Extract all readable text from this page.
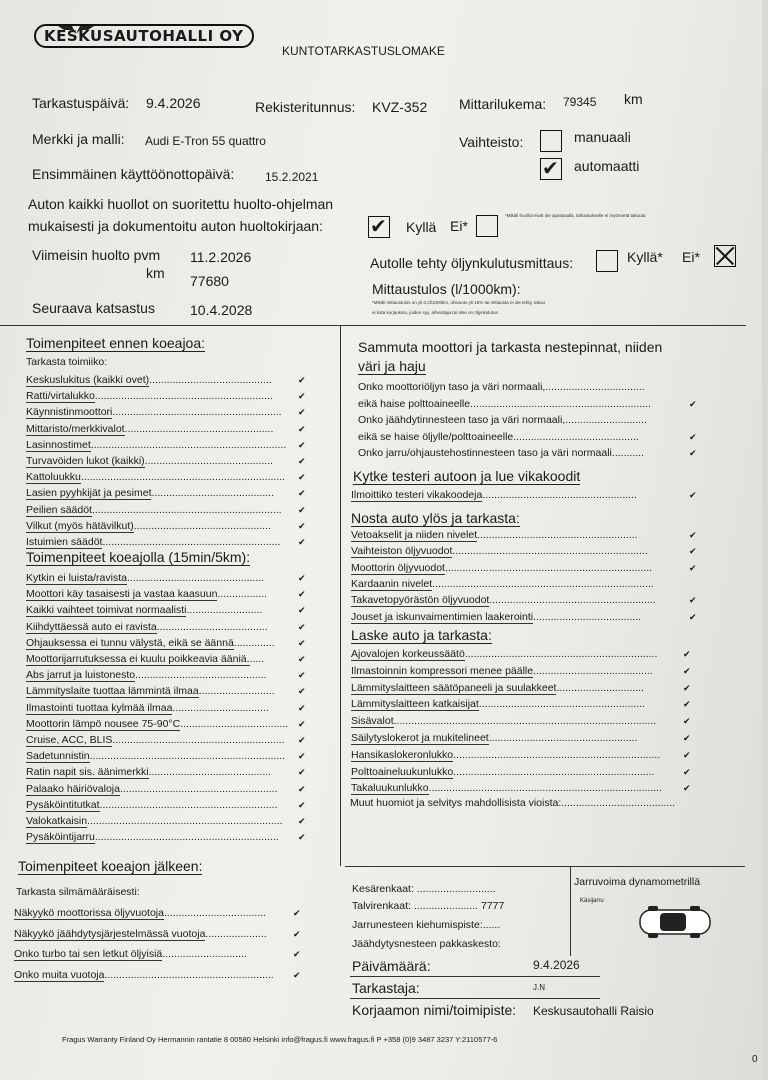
KESKUSAUTOHALLI OY
KUNTOTARKASTUSLOMAKE
Tarkastuspäivä: 9.4.2026	Rekisteritunnus: KVZ-352 Mittarilukema: 79345 km
Merkki ja malli: Audi E-Tron 55 quattro	Vaihteisto:	manuaali
✔
automaatti
Ensimmäinen käyttöönottopäivä:	15.2.2021
Auton kaikki huollot on suoritettu huolto-ohjelman
mukaisesti ja dokumentoitu auton huoltokirjaan:
✔	Kyllä Ei*
*Mikäli huollot eivät ole ajantasalla, tarkastukselle ei myönnetä takuuta
Viimeisin huolto pvm 11.2.2026
km 77680
Autolle tehty öljynkulutusmittaus:	Kyllä* Ei*
Mittaustulos (l/1000km):
*Mikäli mittaustulos on yli 0,2l/1000km, ohivuoto yli 15% tai mittausta ei ole tehty, takuu
ei kata korjauksia, joiden syy, aiheuttaja tai alne on öljynkulutus.
Seuraava katsastus	10.4.2028
Toimenpiteet ennen koeajoa:
Tarkasta toimiiko:
Keskuslukitus (kaikki ovet)..........................................	✔
Ratti/virtalukko.............................................................	✔
Käynnistinmoottori.......................................................... ✔
Mittaristo/merkkivalot...................................................	✔
Lasinnostimet................................................................... ✔
Turvavöiden lukot (kaikki)............................................	✔
Kattoluukku...................................................................... ✔
Lasien pyyhkijät ja pesimet..........................................	✔
Peilien säädöt................................................................. ✔
Vilkut (myös hätävilkut)...............................................	✔
Istuimien säädöt............................................................. ✔
Toimenpiteet koeajolla (15min/5km):
Kytkin ei luista/ravista...............................................	✔
Moottori käy tasaisesti ja vastaa kaasuun.................	✔
Kaikki vaihteet toimivat normaalisti..........................	✔
Kiihdyttäessä auto ei ravista......................................	✔
Ohjauksessa ei tunnu välystä, eikä se äännä..............	✔
Moottorijarrutuksessa ei kuulu poikkeavia ääniä......	✔
Abs jarrut ja luistonesto.............................................	✔
Lämmityslaite tuottaa lämmintä ilmaa..........................	✔
Ilmastointi tuottaa kylmää ilmaa.................................	✔
Moottorin lämpö nousee 75-90°C..................................... ✔
Cruise, ACC, BLIS........................................................... ✔
Sadetunnistin................................................................... ✔
Ratin napit sis. äänimerkki..........................................	✔
Palaako häiriövaloja...................................................... ✔
Pysäköintitutkat............................................................. ✔
Valokatkaisin................................................................... ✔
Pysäköintijarru............................................................... ✔
Toimenpiteet koeajon jälkeen:
Tarkasta silmämääräisesti:
Näkyykö moottorissa öljyvuotoja...................................	✔
Näkyykö jäähdytysjärjestelmässä vuotoja.....................	✔
Onko turbo tai sen letkut öljyisiä.............................	✔
Onko muita vuotoja.......................................................... ✔
Sammuta moottori ja tarkasta nestepinnat, niiden
väri ja haju
Onko moottoriöljyn taso ja väri normaali,..................................
eikä haise polttoaineelle..............................................................	✔
Onko jäähdytinnesteen taso ja väri normaali,............................
eikä se haise öljylle/polttoaineelle...........................................	✔
Onko jarru/ohjaustehostinnesteen taso ja väri normaali...........	✔
Kytke testeri autoon ja lue vikakoodit
Ilmoittiko testeri vikakoodeja.....................................................	✔
Nosta auto ylös ja tarkasta:
Vetoakselit ja niiden nivelet.......................................................	✔
Vaihteiston öljyvuodot...................................................................	✔
Moottorin öljyvuodot.......................................................................	✔
Kardaanin nivelet............................................................................
Takavetopyörästön öljyvuodot.........................................................	✔
Jouset ja iskunvaimentimien laakerointi.....................................	✔
Laske auto ja tarkasta:
Ajovalojen korkeussäätö..................................................................	✔
Ilmastoinnin kompressori menee päälle.........................................	✔
Lämmityslaitteen säätöpaneeli ja suulakkeet..............................	✔
Lämmityslaitteen katkaisijat.........................................................	✔
Sisävalot..........................................................................................	✔
Säilytyslokerot ja mukitelineet...................................................	✔
Hansikaslokeronlukko.......................................................................	✔
Polttoaineluukunlukko.....................................................................	✔
Takaluukunlukko................................................................................ ✔
Muut huomiot ja selvitys mahdollisista vioista:.......................................
Kesärenkaat: ...........................
Talvirenkaat: ...................... 7777
Jarrunesteen kiehumispiste:......
Jäähdytysnesteen pakkaskesto:
Jarruvoima dynamometrillä
Käsijarru
Päivämäärä:	9.4.2026
Tarkastaja:	J.N
Korjaamon nimi/toimipiste: Keskusautohalli Raisio
Fragus Warranty Finland Oy Hermannin rantatie 8 00580 Helsinki info@fragus.fi www.fragus.fi P +358 (0)9 3487 3237 Y:2110577-6
0
